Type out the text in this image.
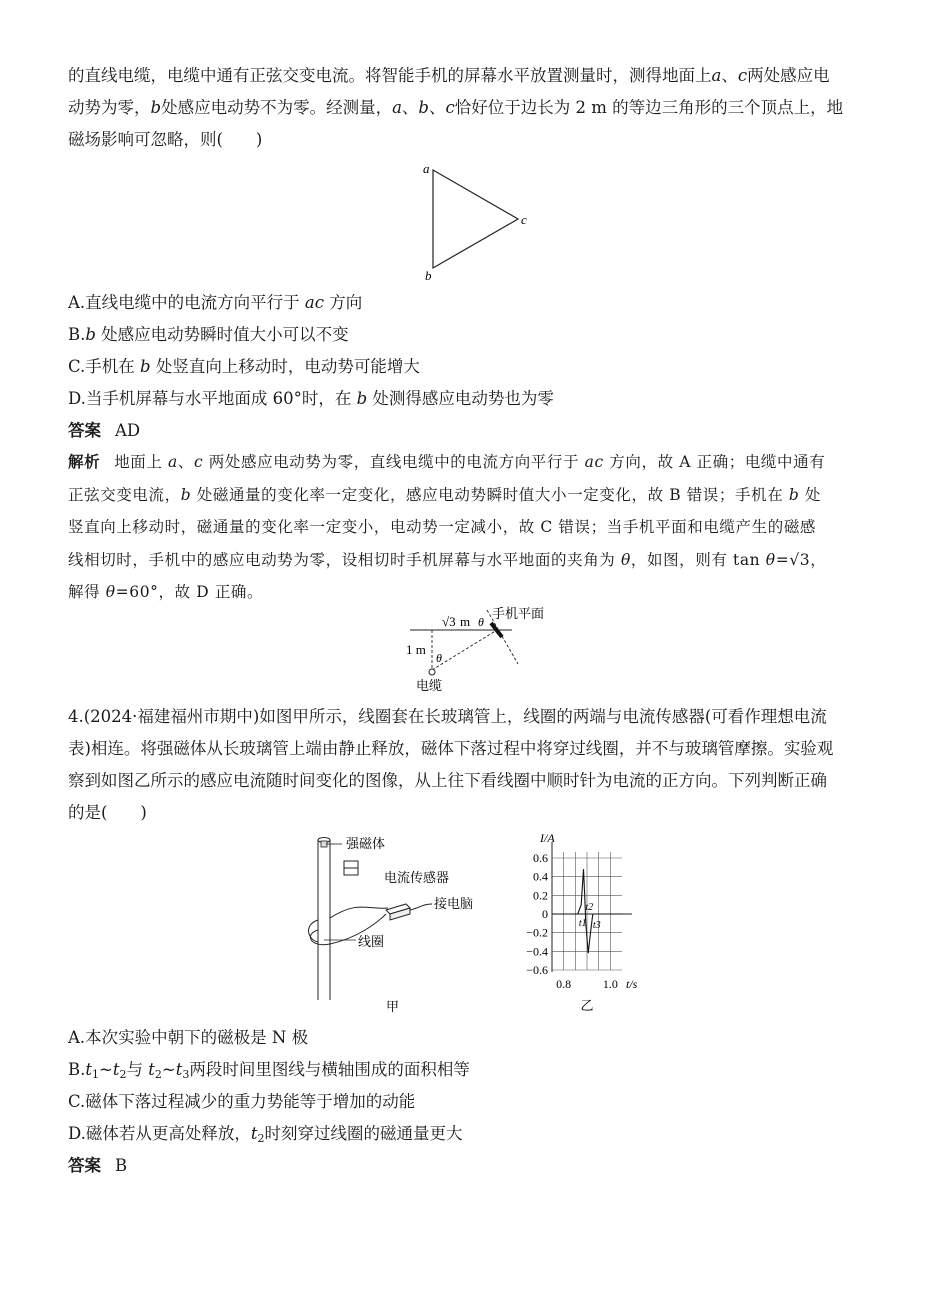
的直线电缆，电缆中通有正弦交变电流。将智能手机的屏幕水平放置测量时，测得地面上a、c两处感应电
动势为零，b处感应电动势不为零。经测量，a、b、c恰好位于边长为 2 m 的等边三角形的三个顶点上，地
磁场影响可忽略，则(　　)
a
b
c
A.直线电缆中的电流方向平行于 ac 方向
B.b 处感应电动势瞬时值大小可以不变
C.手机在 b 处竖直向上移动时，电动势可能增大
D.当手机屏幕与水平地面成 60°时，在 b 处测得感应电动势也为零
答案 AD
解析 地面上 a、c 两处感应电动势为零，直线电缆中的电流方向平行于 ac 方向，故 A 正确；电缆中通有
正弦交变电流，b 处磁通量的变化率一定变化，感应电动势瞬时值大小一定变化，故 B 错误；手机在 b 处
竖直向上移动时，磁通量的变化率一定变小，电动势一定减小，故 C 错误；当手机平面和电缆产生的磁感
线相切时，手机中的感应电动势为零，设相切时手机屏幕与水平地面的夹角为 θ，如图，则有 tan θ=√3，
解得 θ=60°，故 D 正确。
√3 m θ
手机平面
1 m
θ
电缆
4.(2024·福建福州市期中)如图甲所示，线圈套在长玻璃管上，线圈的两端与电流传感器(可看作理想电流
表)相连。将强磁体从长玻璃管上端由静止释放，磁体下落过程中将穿过线圈，并不与玻璃管摩擦。实验观
察到如图乙所示的感应电流随时间变化的图像，从上往下看线圈中顺时针为电流的正方向。下列判断正确
的是(　　)
强磁体
电流传感器
接电脑
线圈
甲
0.6
0.4
0.2
0
−0.2
−0.4
−0.6
I/A
0.8	1.0 t/s
t1
t2
t3
乙
A.本次实验中朝下的磁极是 N 极
$B.t_1\sim t_2$与 $t_2\sim t_3$两段时间里图线与横轴围成的面积相等
C.磁体下落过程减少的重力势能等于增加的动能
D.磁体若从更高处释放，$t_2$时刻穿过线圈的磁通量更大
答案 B
